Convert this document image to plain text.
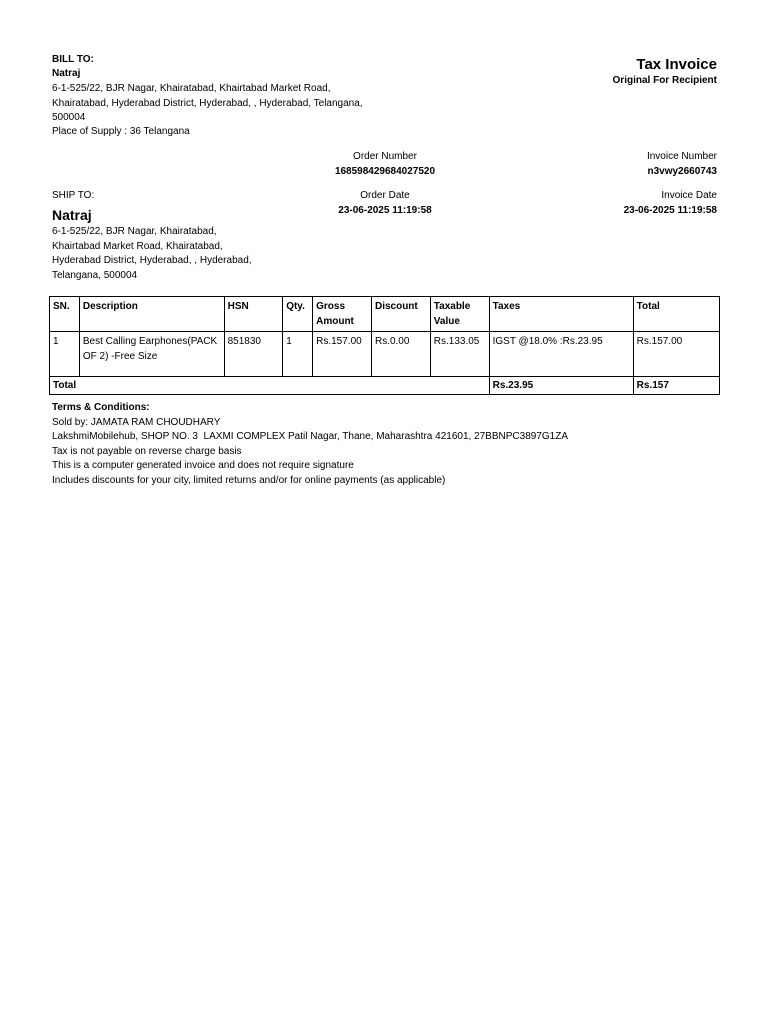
BILL TO:
Natraj
6-1-525/22, BJR Nagar, Khairatabad, Khairtabad Market Road, Khairatabad, Hyderabad District, Hyderabad, , Hyderabad, Telangana, 500004
Place of Supply : 36 Telangana
Tax Invoice
Original For Recipient
Order Number
168598429684027520
Order Date
23-06-2025 11:19:58
Invoice Number
n3vwy2660743
Invoice Date
23-06-2025 11:19:58
SHIP TO:
Natraj
6-1-525/22, BJR Nagar, Khairatabad, Khairtabad Market Road, Khairatabad, Hyderabad District, Hyderabad, , Hyderabad, Telangana, 500004
SN.	Description	HSN	Qty.	Gross Amount	Discount	Taxable Value	Taxes	Total
1	Best Calling Earphones(PACK OF 2) -Free Size	851830	1	Rs.157.00	Rs.0.00	Rs.133.05	IGST @18.0% :Rs.23.95	Rs.157.00
Total							Rs.23.95	Rs.157
Terms & Conditions:
Sold by: JAMATA RAM CHOUDHARY
LakshmiMobilehub, SHOP NO. 3  LAXMI COMPLEX Patil Nagar, Thane, Maharashtra 421601, 27BBNPC3897G1ZA
Tax is not payable on reverse charge basis
This is a computer generated invoice and does not require signature
Includes discounts for your city, limited returns and/or for online payments (as applicable)
